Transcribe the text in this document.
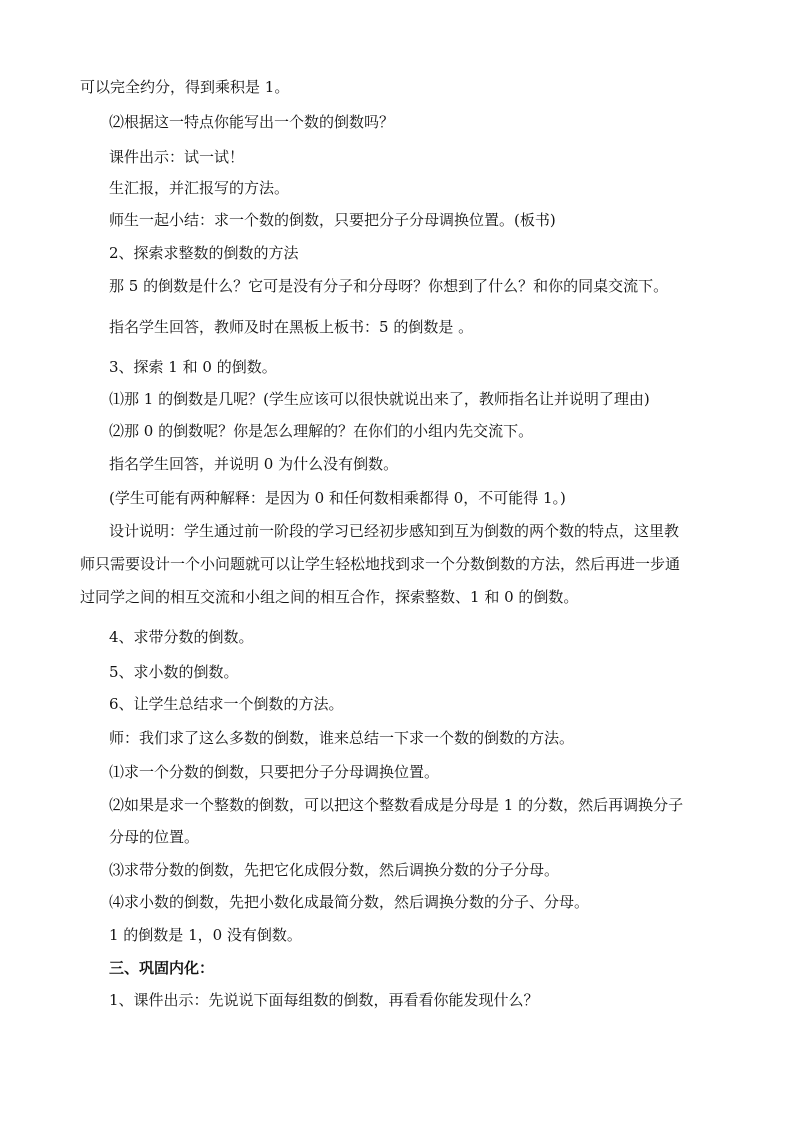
可以完全约分，得到乘积是 1。
⑵根据这一特点你能写出一个数的倒数吗？
课件出示：试一试！
生汇报，并汇报写的方法。
师生一起小结：求一个数的倒数，只要把分子分母调换位置。(板书)
2、探索求整数的倒数的方法
那 5 的倒数是什么？它可是没有分子和分母呀？你想到了什么？和你的同桌交流下。
指名学生回答，教师及时在黑板上板书：5 的倒数是 。
3、探索 1 和 0 的倒数。
⑴那 1 的倒数是几呢？(学生应该可以很快就说出来了，教师指名让并说明了理由)
⑵那 0 的倒数呢？你是怎么理解的？在你们的小组内先交流下。
指名学生回答，并说明 0 为什么没有倒数。
(学生可能有两种解释：是因为 0 和任何数相乘都得 0，不可能得 1。)
设计说明：学生通过前一阶段的学习已经初步感知到互为倒数的两个数的特点，这里教
师只需要设计一个小问题就可以让学生轻松地找到求一个分数倒数的方法，然后再进一步通
过同学之间的相互交流和小组之间的相互合作，探索整数、1 和 0 的倒数。
4、求带分数的倒数。
5、求小数的倒数。
6、让学生总结求一个倒数的方法。
师：我们求了这么多数的倒数，谁来总结一下求一个数的倒数的方法。
⑴求一个分数的倒数，只要把分子分母调换位置。
⑵如果是求一个整数的倒数，可以把这个整数看成是分母是 1 的分数，然后再调换分子
分母的位置。
⑶求带分数的倒数，先把它化成假分数，然后调换分数的分子分母。
⑷求小数的倒数，先把小数化成最简分数，然后调换分数的分子、分母。
1 的倒数是 1，0 没有倒数。
三、巩固内化：
1、课件出示：先说说下面每组数的倒数，再看看你能发现什么？
